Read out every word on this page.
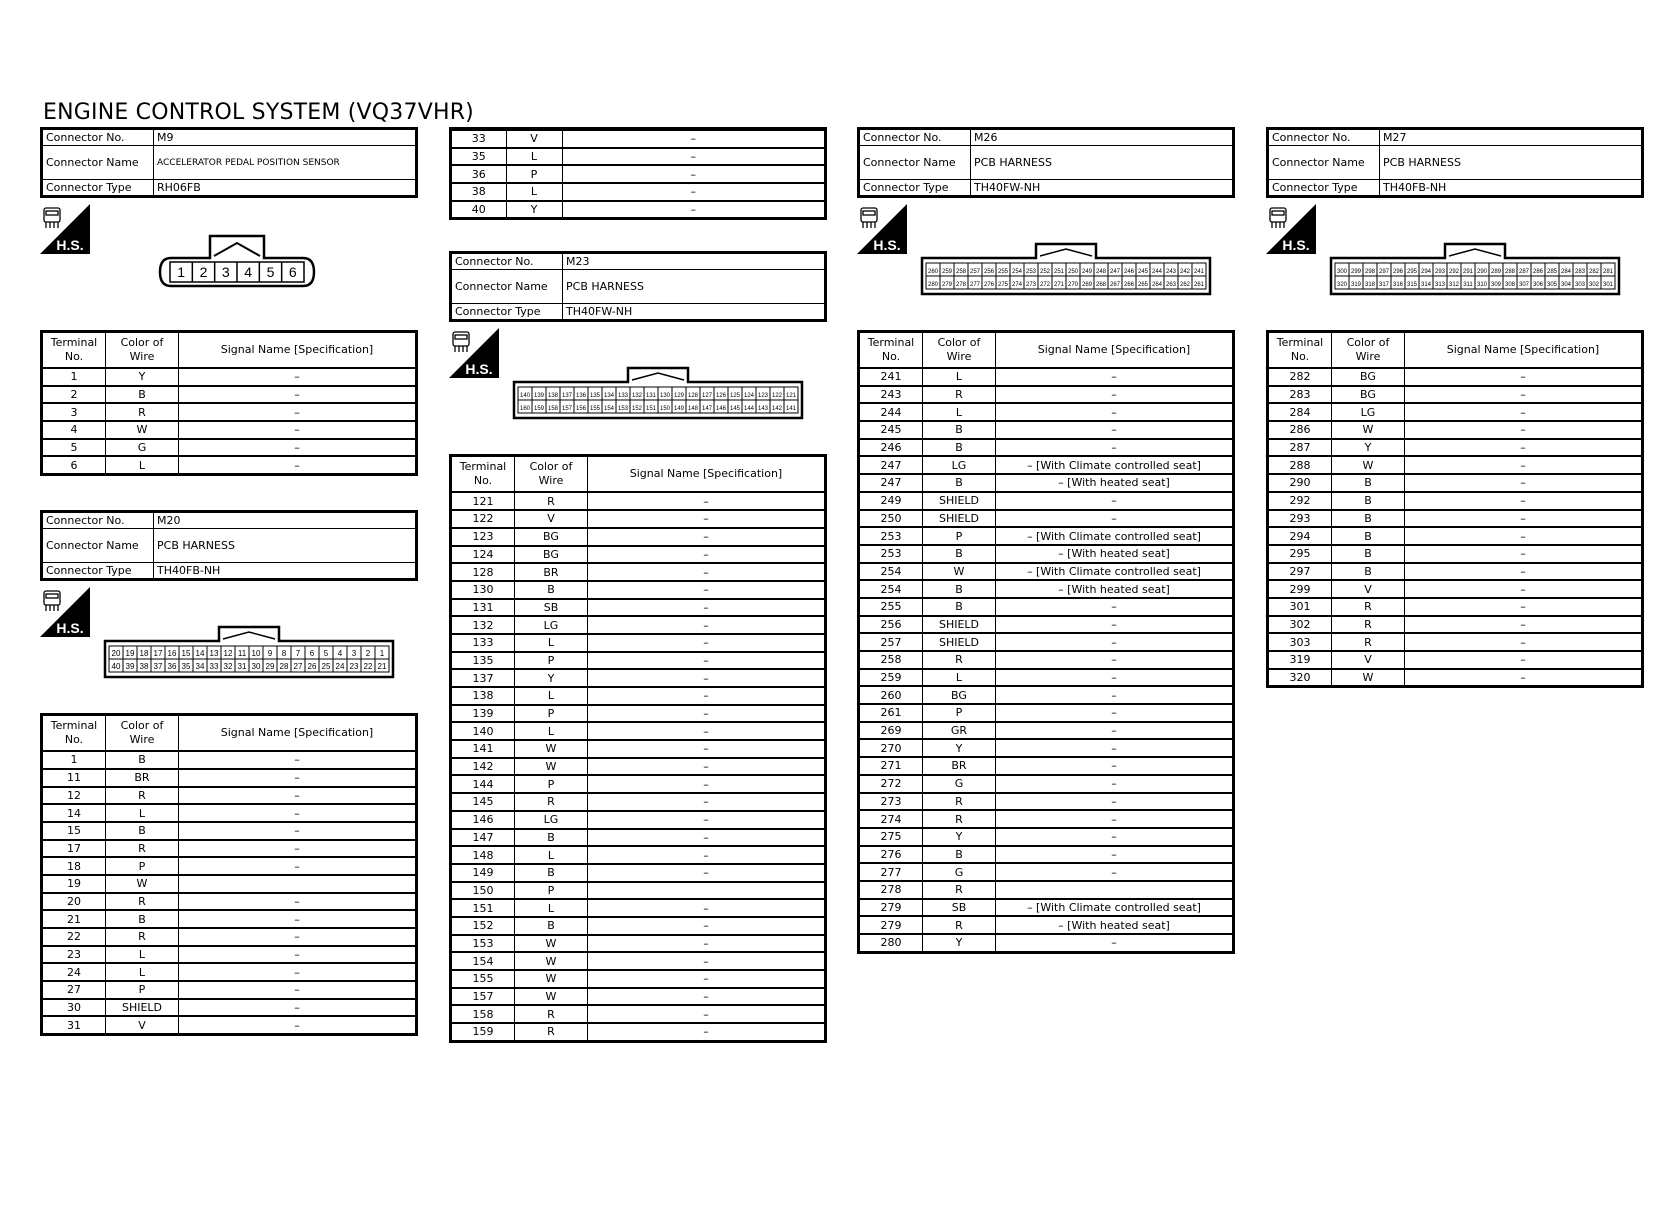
ENGINE CONTROL SYSTEM (VQ37VHR)
Connector No.	M9
Connector Name	ACCELERATOR PEDAL POSITION SENSOR
Connector Type	RH06FB
H.S.
1 2 3 4 5 6
Terminal No.	Color of Wire	Signal Name [Specification]
1	Y	–
2	B	–
3	R	–
4	W	–
5	G	–
6	L	–
Connector No.	M20
Connector Name	PCB HARNESS
Connector Type	TH40FB-NH
H.S.
20 19 18 17 16 15 14 13 12 11 10 9 8 7 6 5 4 3 2 1
40 39 38 37 36 35 34 33 32 31 30 29 28 27 26 25 24 23 22 21
Terminal No.	Color of Wire	Signal Name [Specification]
1	B	–
11	BR	–
12	R	–
14	L	–
15	B	–
17	R	–
18	P	–
19	W	
20	R	–
21	B	–
22	R	–
23	L	–
24	L	–
27	P	–
30	SHIELD	–
31	V	–

33	V	–
35	L	–
36	P	–
38	L	–
40	Y	–
Connector No.	M23
Connector Name	PCB HARNESS
Connector Type	TH40FW-NH
H.S.
140 139 138 137 136 135 134 133 132 131 130 129 128 127 126 125 124 123 122 121
160 159 158 157 156 155 154 153 152 151 150 149 148 147 146 145 144 143 142 141
Terminal No.	Color of Wire	Signal Name [Specification]
121	R	–
122	V	–
123	BG	–
124	BG	–
128	BR	–
130	B	–
131	SB	–
132	LG	–
133	L	–
135	P	–
137	Y	–
138	L	–
139	P	–
140	L	–
141	W	–
142	W	–
144	P	–
145	R	–
146	LG	–
147	B	–
148	L	–
149	B	–
150	P	
151	L	–
152	B	–
153	W	–
154	W	–
155	W	–
157	W	–
158	R	–
159	R	–
Connector No.	M26
Connector Name	PCB HARNESS
Connector Type	TH40FW-NH
H.S.
260 259 258 257 256 255 254 253 252 251 250 249 248 247 246 245 244 243 242 241
280 279 278 277 276 275 274 273 272 271 270 269 268 267 266 265 264 263 262 261
Terminal No.	Color of Wire	Signal Name [Specification]
241	L	–
243	R	–
244	L	–
245	B	–
246	B	–
247	LG	– [With Climate controlled seat]
247	B	– [With heated seat]
249	SHIELD	–
250	SHIELD	–
253	P	– [With Climate controlled seat]
253	B	– [With heated seat]
254	W	– [With Climate controlled seat]
254	B	– [With heated seat]
255	B	–
256	SHIELD	–
257	SHIELD	–
258	R	–
259	L	–
260	BG	–
261	P	–
269	GR	–
270	Y	–
271	BR	–
272	G	–
273	R	–
274	R	–
275	Y	–
276	B	–
277	G	–
278	R	
279	SB	– [With Climate controlled seat]
279	R	– [With heated seat]
280	Y	–
Connector No.	M27
Connector Name	PCB HARNESS
Connector Type	TH40FB-NH
H.S.
300 299 298 297 296 295 294 293 292 291 290 289 288 287 286 285 284 283 282 281
320 319 318 317 316 315 314 313 312 311 310 309 308 307 306 305 304 303 302 301
Terminal No.	Color of Wire	Signal Name [Specification]
282	BG	–
283	BG	–
284	LG	–
286	W	–
287	Y	–
288	W	–
290	B	–
292	B	–
293	B	–
294	B	–
295	B	–
297	B	–
299	V	–
301	R	–
302	R	–
303	R	–
319	V	–
320	W	–
